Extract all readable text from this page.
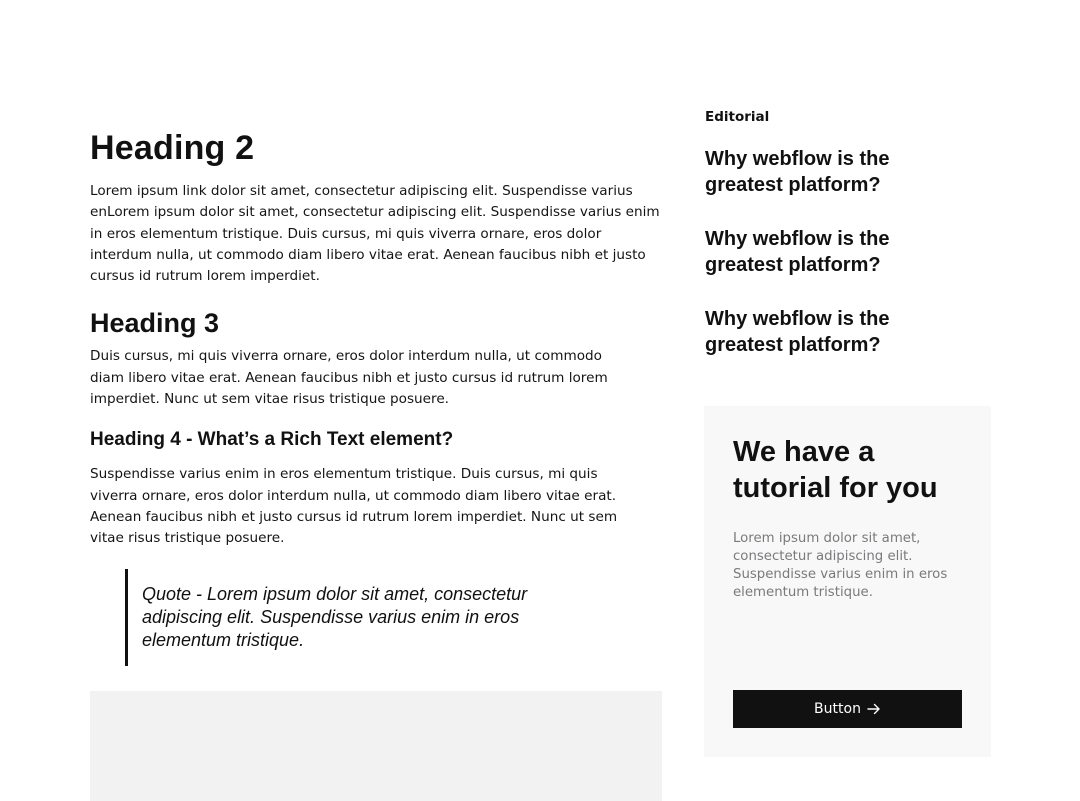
Heading 2

Lorem ipsum link dolor sit amet, consectetur adipiscing elit. Suspendisse varius enLorem ipsum dolor sit amet, consectetur adipiscing elit. Suspendisse varius enim in eros elementum tristique. Duis cursus, mi quis viverra ornare, eros dolor interdum nulla, ut commodo diam libero vitae erat. Aenean faucibus nibh et justo cursus id rutrum lorem imperdiet.

Heading 3

Duis cursus, mi quis viverra ornare, eros dolor interdum nulla, ut commodo diam libero vitae erat. Aenean faucibus nibh et justo cursus id rutrum lorem imperdiet. Nunc ut sem vitae risus tristique posuere.

Heading 4 - What’s a Rich Text element?

Suspendisse varius enim in eros elementum tristique. Duis cursus, mi quis viverra ornare, eros dolor interdum nulla, ut commodo diam libero vitae erat. Aenean faucibus nibh et justo cursus id rutrum lorem imperdiet. Nunc ut sem vitae risus tristique posuere.

Quote - Lorem ipsum dolor sit amet, consectetur adipiscing elit. Suspendisse varius enim in eros elementum tristique.
Editorial
Why webflow is the greatest platform?
Why webflow is the greatest platform?
Why webflow is the greatest platform?
We have a tutorial for you

Lorem ipsum dolor sit amet, consectetur adipiscing elit. Suspendisse varius enim in eros elementum tristique.

Button
